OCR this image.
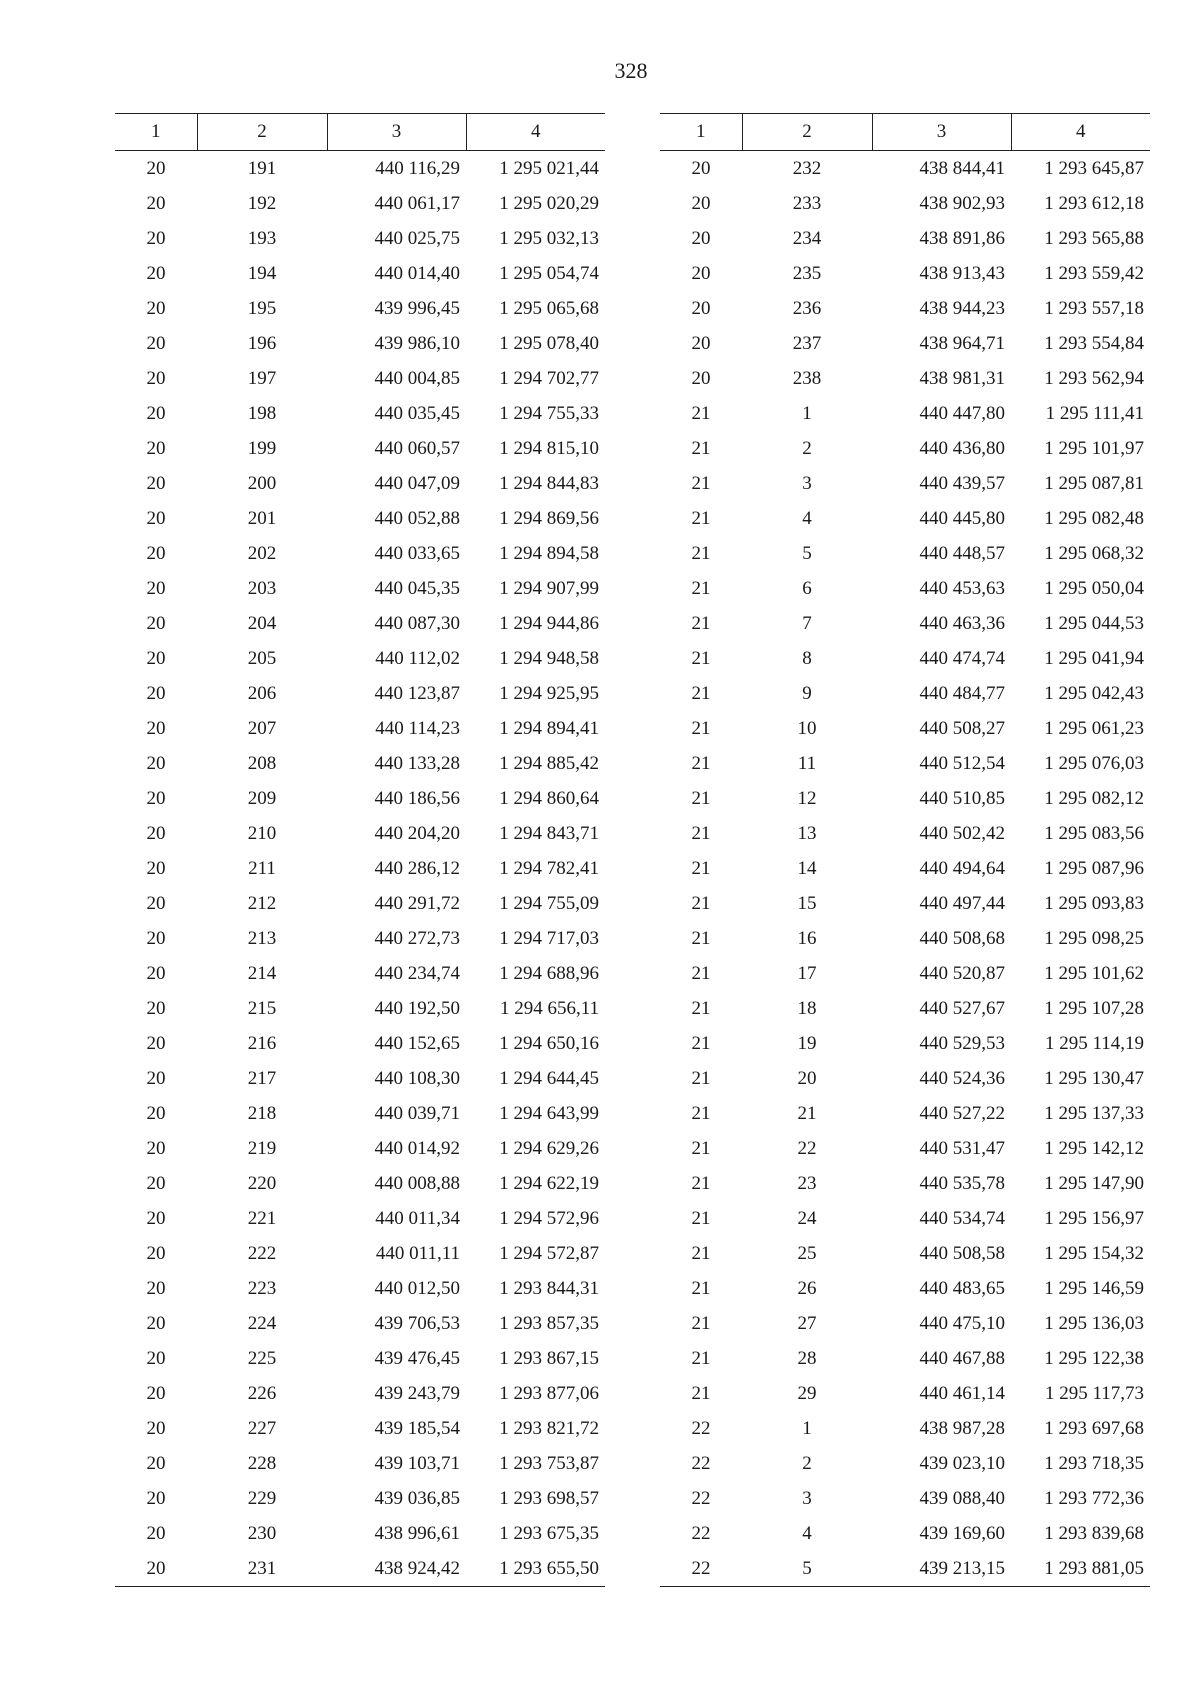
328
1	2	3	4
20	191	440 116,29	1 295 021,44
20	192	440 061,17	1 295 020,29
20	193	440 025,75	1 295 032,13
20	194	440 014,40	1 295 054,74
20	195	439 996,45	1 295 065,68
20	196	439 986,10	1 295 078,40
20	197	440 004,85	1 294 702,77
20	198	440 035,45	1 294 755,33
20	199	440 060,57	1 294 815,10
20	200	440 047,09	1 294 844,83
20	201	440 052,88	1 294 869,56
20	202	440 033,65	1 294 894,58
20	203	440 045,35	1 294 907,99
20	204	440 087,30	1 294 944,86
20	205	440 112,02	1 294 948,58
20	206	440 123,87	1 294 925,95
20	207	440 114,23	1 294 894,41
20	208	440 133,28	1 294 885,42
20	209	440 186,56	1 294 860,64
20	210	440 204,20	1 294 843,71
20	211	440 286,12	1 294 782,41
20	212	440 291,72	1 294 755,09
20	213	440 272,73	1 294 717,03
20	214	440 234,74	1 294 688,96
20	215	440 192,50	1 294 656,11
20	216	440 152,65	1 294 650,16
20	217	440 108,30	1 294 644,45
20	218	440 039,71	1 294 643,99
20	219	440 014,92	1 294 629,26
20	220	440 008,88	1 294 622,19
20	221	440 011,34	1 294 572,96
20	222	440 011,11	1 294 572,87
20	223	440 012,50	1 293 844,31
20	224	439 706,53	1 293 857,35
20	225	439 476,45	1 293 867,15
20	226	439 243,79	1 293 877,06
20	227	439 185,54	1 293 821,72
20	228	439 103,71	1 293 753,87
20	229	439 036,85	1 293 698,57
20	230	438 996,61	1 293 675,35
20	231	438 924,42	1 293 655,50
1	2	3	4
20	232	438 844,41	1 293 645,87
20	233	438 902,93	1 293 612,18
20	234	438 891,86	1 293 565,88
20	235	438 913,43	1 293 559,42
20	236	438 944,23	1 293 557,18
20	237	438 964,71	1 293 554,84
20	238	438 981,31	1 293 562,94
21	1	440 447,80	1 295 111,41
21	2	440 436,80	1 295 101,97
21	3	440 439,57	1 295 087,81
21	4	440 445,80	1 295 082,48
21	5	440 448,57	1 295 068,32
21	6	440 453,63	1 295 050,04
21	7	440 463,36	1 295 044,53
21	8	440 474,74	1 295 041,94
21	9	440 484,77	1 295 042,43
21	10	440 508,27	1 295 061,23
21	11	440 512,54	1 295 076,03
21	12	440 510,85	1 295 082,12
21	13	440 502,42	1 295 083,56
21	14	440 494,64	1 295 087,96
21	15	440 497,44	1 295 093,83
21	16	440 508,68	1 295 098,25
21	17	440 520,87	1 295 101,62
21	18	440 527,67	1 295 107,28
21	19	440 529,53	1 295 114,19
21	20	440 524,36	1 295 130,47
21	21	440 527,22	1 295 137,33
21	22	440 531,47	1 295 142,12
21	23	440 535,78	1 295 147,90
21	24	440 534,74	1 295 156,97
21	25	440 508,58	1 295 154,32
21	26	440 483,65	1 295 146,59
21	27	440 475,10	1 295 136,03
21	28	440 467,88	1 295 122,38
21	29	440 461,14	1 295 117,73
22	1	438 987,28	1 293 697,68
22	2	439 023,10	1 293 718,35
22	3	439 088,40	1 293 772,36
22	4	439 169,60	1 293 839,68
22	5	439 213,15	1 293 881,05
